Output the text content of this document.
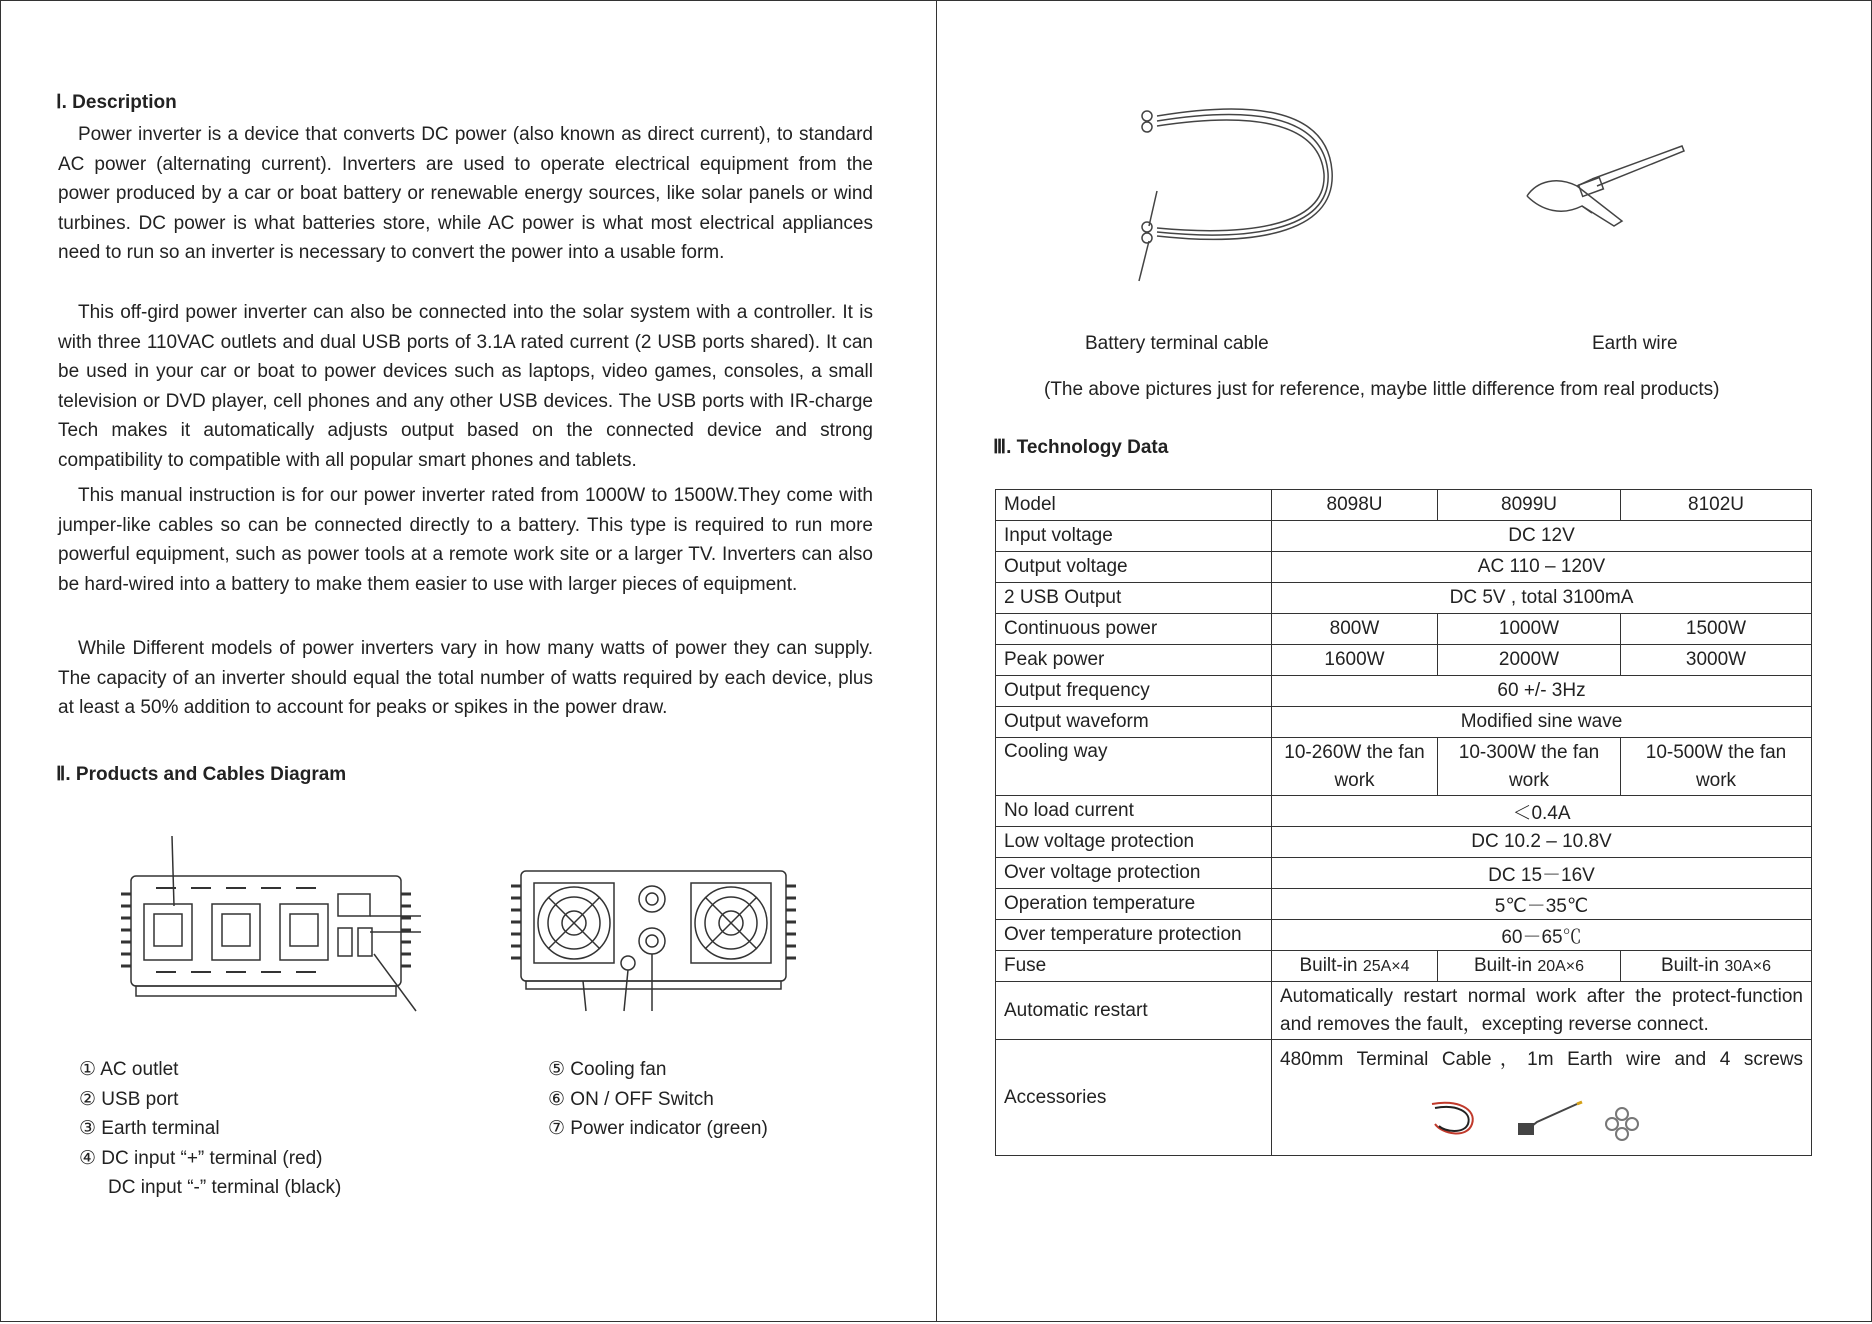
Ⅰ. Description
Power inverter is a device that converts DC power (also known as direct current), to standard AC power (alternating current). Inverters are used to operate electrical equipment from the power produced by a car or boat battery or renewable energy sources, like solar panels or wind turbines. DC power is what batteries store, while AC power is what most electrical appliances need to run so an inverter is necessary to convert the power into a usable form.
This off-gird power inverter can also be connected into the solar system with a controller. It is with three 110VAC outlets and dual USB ports of 3.1A rated current (2 USB ports shared). It can be used in your car or boat to power devices such as laptops, video games, consoles, a small television or DVD player, cell phones and any other USB devices. The USB ports with IR-charge Tech makes it automatically adjusts output based on the connected device and strong compatibility to compatible with all popular smart phones and tablets.
This manual instruction is for our power inverter rated from 1000W to 1500W.They come with jumper-like cables so can be connected directly to a battery. This type is required to run more powerful equipment, such as power tools at a remote work site or a larger TV. Inverters can also be hard-wired into a battery to make them easier to use with larger pieces of equipment.
While Different models of power inverters vary in how many watts of power they can supply. The capacity of an inverter should equal the total number of watts required by each device, plus at least a 50% addition to account for peaks or spikes in the power draw.
Ⅱ. Products and Cables Diagram
① AC outlet
② USB port
③ Earth terminal
④ DC input “+” terminal (red)
DC input “-” terminal (black)
⑤ Cooling fan
⑥ ON / OFF Switch
⑦ Power indicator (green)
Battery terminal cable	Earth wire
(The above pictures just for reference, maybe little difference from real products)
Ⅲ. Technology Data
Model	8098U	8099U	8102U
Input voltage	DC 12V		
Output voltage	AC 110 – 120V		
2 USB Output	DC 5V , total 3100mA		
Continuous power	800W	1000W	1500W
Peak power	1600W	2000W	3000W
Output frequency	60 +/- 3Hz		
Output waveform	Modified sine wave		
Cooling way	10-260W the fan work	10-300W the fan work	10-500W the fan work
No load current	＜0.4A		
Low voltage protection	DC 10.2 – 10.8V		
Over voltage protection	DC 15－16V		
Operation temperature	5℃－35℃		
Over temperature protection	60－65℃		
Fuse	Built-in 25A×4	Built-in 20A×6	Built-in 30A×6
Automatic restart	Automatically restart normal work after the protect-function and removes the fault，excepting reverse connect.		
Accessories	480mm Terminal Cable，1m Earth wire and 4 screws		
